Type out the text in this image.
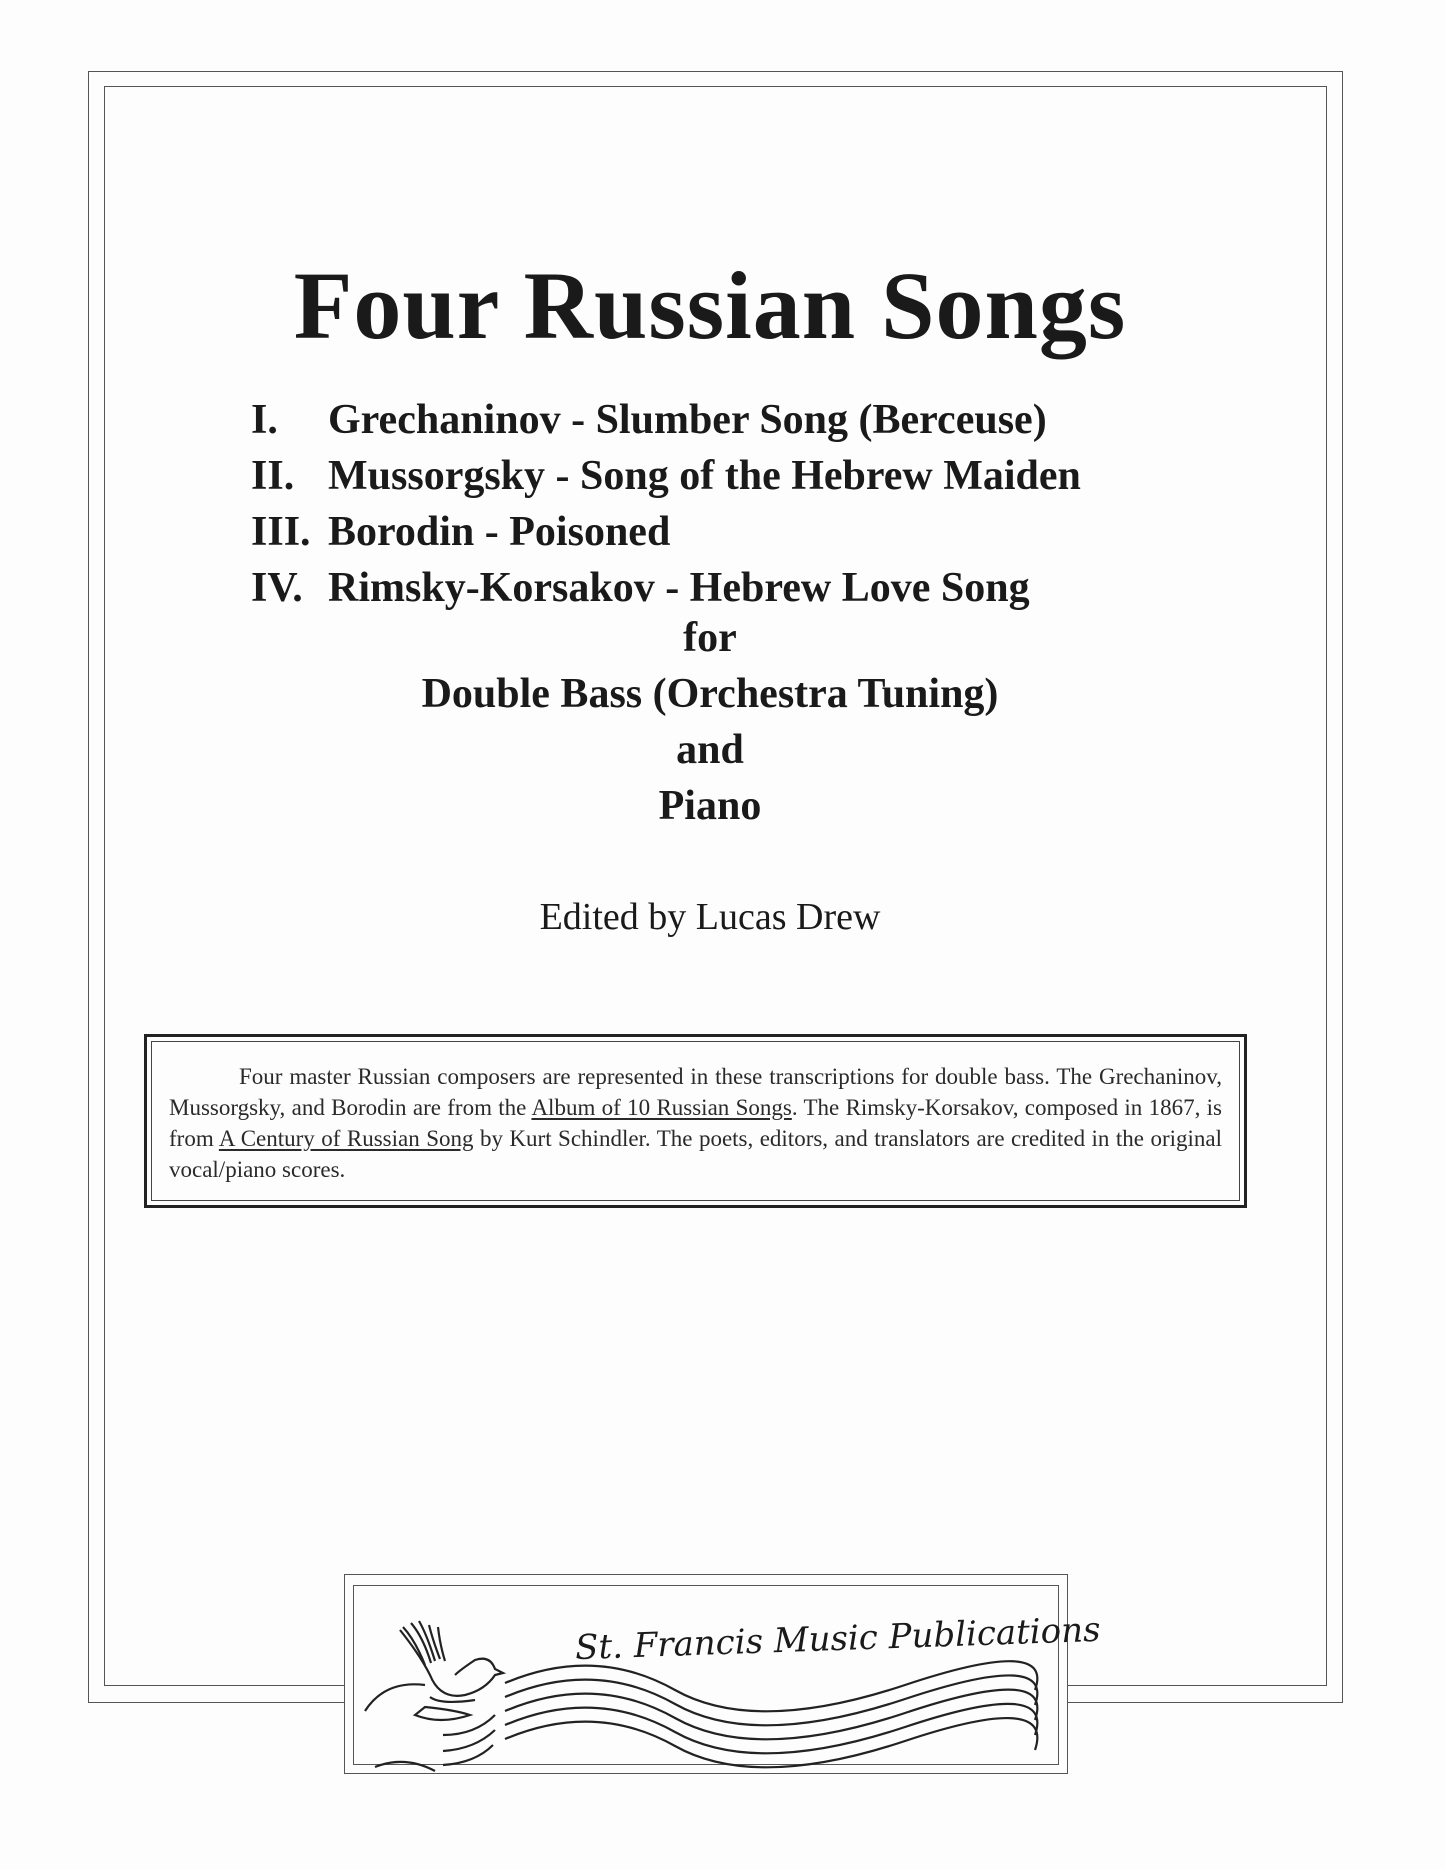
Four Russian Songs
I. Grechaninov - Slumber Song (Berceuse)
II. Mussorgsky - Song of the Hebrew Maiden
III. Borodin - Poisoned
IV. Rimsky-Korsakov - Hebrew Love Song
for
Double Bass (Orchestra Tuning)
and
Piano
Edited by Lucas Drew
Four master Russian composers are represented in these transcriptions for double bass. The Grechaninov, Mussorgsky, and Borodin are from the Album of 10 Russian Songs. The Rimsky-Korsakov, composed in 1867, is from A Century of Russian Song by Kurt Schindler. The poets, editors, and translators are credited in the original vocal/piano scores.
St. Francis Music Publications
